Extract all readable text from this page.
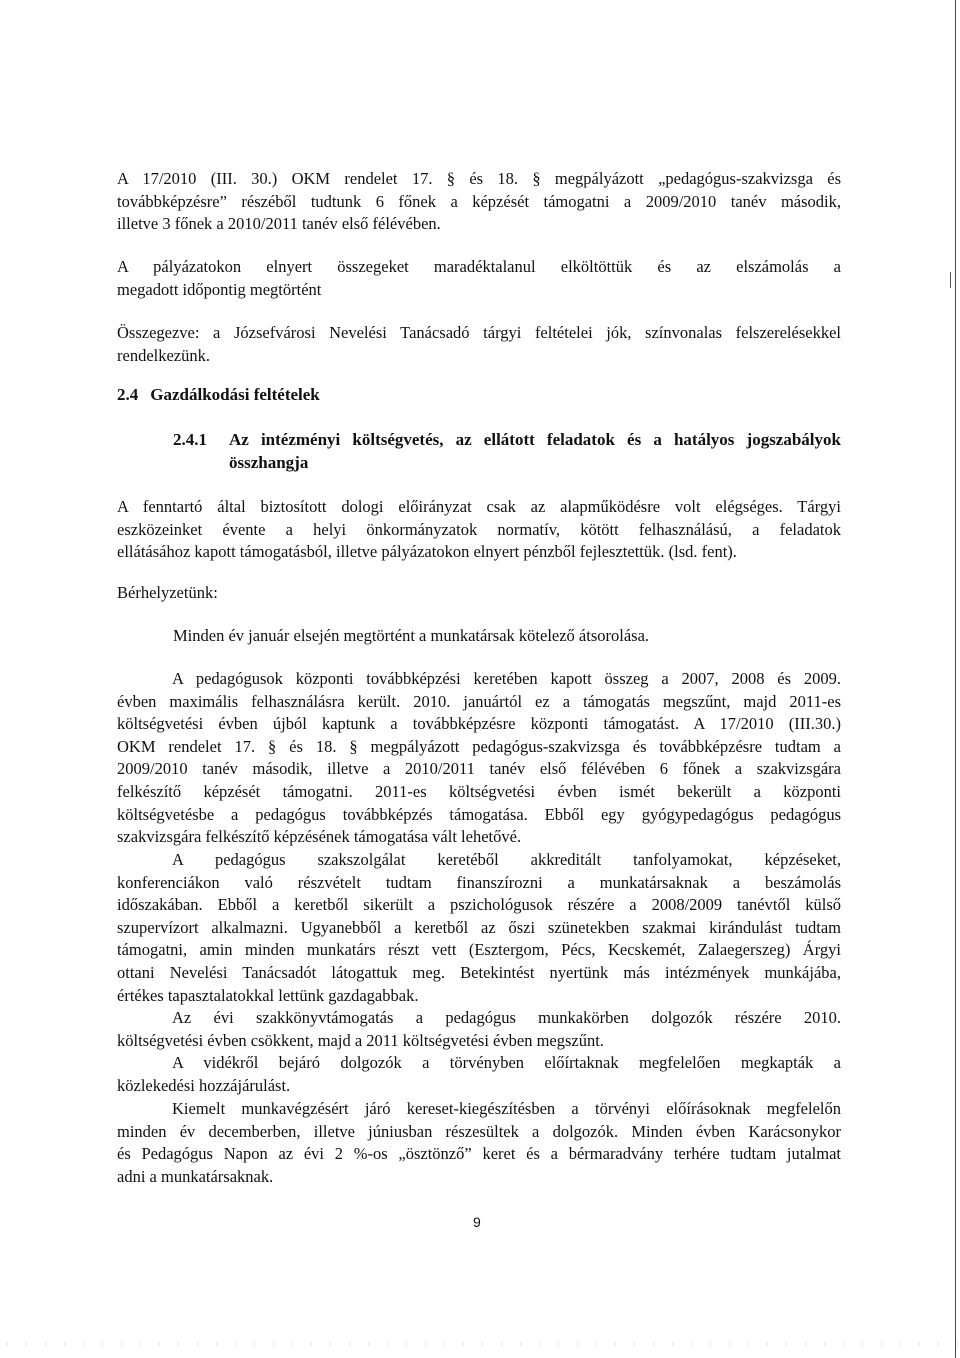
A 17/2010 (III. 30.) OKM rendelet 17. § és 18. § megpályázott „pedagógus-szakvizsga és
továbbképzésre” részéből tudtunk 6 főnek a képzését támogatni a 2009/2010 tanév második,
illetve 3 főnek a 2010/2011 tanév első félévében.
A pályázatokon elnyert összegeket maradéktalanul elköltöttük és az elszámolás a
megadott időpontig megtörtént
Összegezve: a Józsefvárosi Nevelési Tanácsadó tárgyi feltételei jók, színvonalas felszerelésekkel
rendelkezünk.

2.4 Gazdálkodási feltételek

2.4.1	Az intézményi költségvetés, az ellátott feladatok és a hatályos jogszabályok
összhangja
A fenntartó által biztosított dologi előirányzat csak az alapműködésre volt elégséges. Tárgyi
eszközeinket évente a helyi önkormányzatok normatív, kötött felhasználású, a feladatok
ellátásához kapott támogatásból, illetve pályázatokon elnyert pénzből fejlesztettük. (lsd. fent).

Bérhelyzetünk:

Minden év január elsején megtörtént a munkatársak kötelező átsorolása.

A pedagógusok központi továbbképzési keretében kapott összeg a 2007, 2008 és 2009.
évben maximális felhasználásra került. 2010. januártól ez a támogatás megszűnt, majd 2011-es
költségvetési évben újból kaptunk a továbbképzésre központi támogatást. A 17/2010 (III.30.)
OKM rendelet 17. § és 18. § megpályázott pedagógus-szakvizsga és továbbképzésre tudtam a
2009/2010 tanév második, illetve a 2010/2011 tanév első félévében 6 főnek a szakvizsgára
felkészítő képzését támogatni. 2011-es költségvetési évben ismét bekerült a központi
költségvetésbe a pedagógus továbbképzés támogatása. Ebből egy gyógypedagógus pedagógus
szakvizsgára felkészítő képzésének támogatása vált lehetővé.
A pedagógus szakszolgálat keretéből akkreditált tanfolyamokat, képzéseket,
konferenciákon való részvételt tudtam finanszírozni a munkatársaknak a beszámolás
időszakában. Ebből a keretből sikerült a pszichológusok részére a 2008/2009 tanévtől külső
szupervízort alkalmazni. Ugyanebből a keretből az őszi szünetekben szakmai kirándulást tudtam
támogatni, amin minden munkatárs részt vett (Esztergom, Pécs, Kecskemét, Zalaegerszeg) Árgyi
ottani Nevelési Tanácsadót látogattuk meg. Betekintést nyertünk más intézmények munkájába,
értékes tapasztalatokkal lettünk gazdagabbak.
Az évi szakkönyvtámogatás a pedagógus munkakörben dolgozók részére 2010.
költségvetési évben csökkent, majd a 2011 költségvetési évben megszűnt.
A vidékről bejáró dolgozók a törvényben előírtaknak megfelelően megkapták a
közlekedési hozzájárulást.
Kiemelt munkavégzésért járó kereset-kiegészítésben a törvényi előírásoknak megfelelőn
minden év decemberben, illetve júniusban részesültek a dolgozók. Minden évben Karácsonykor
és Pedagógus Napon az évi 2 %-os „ösztönző” keret és a bérmaradvány terhére tudtam jutalmat
adni a munkatársaknak.
9
